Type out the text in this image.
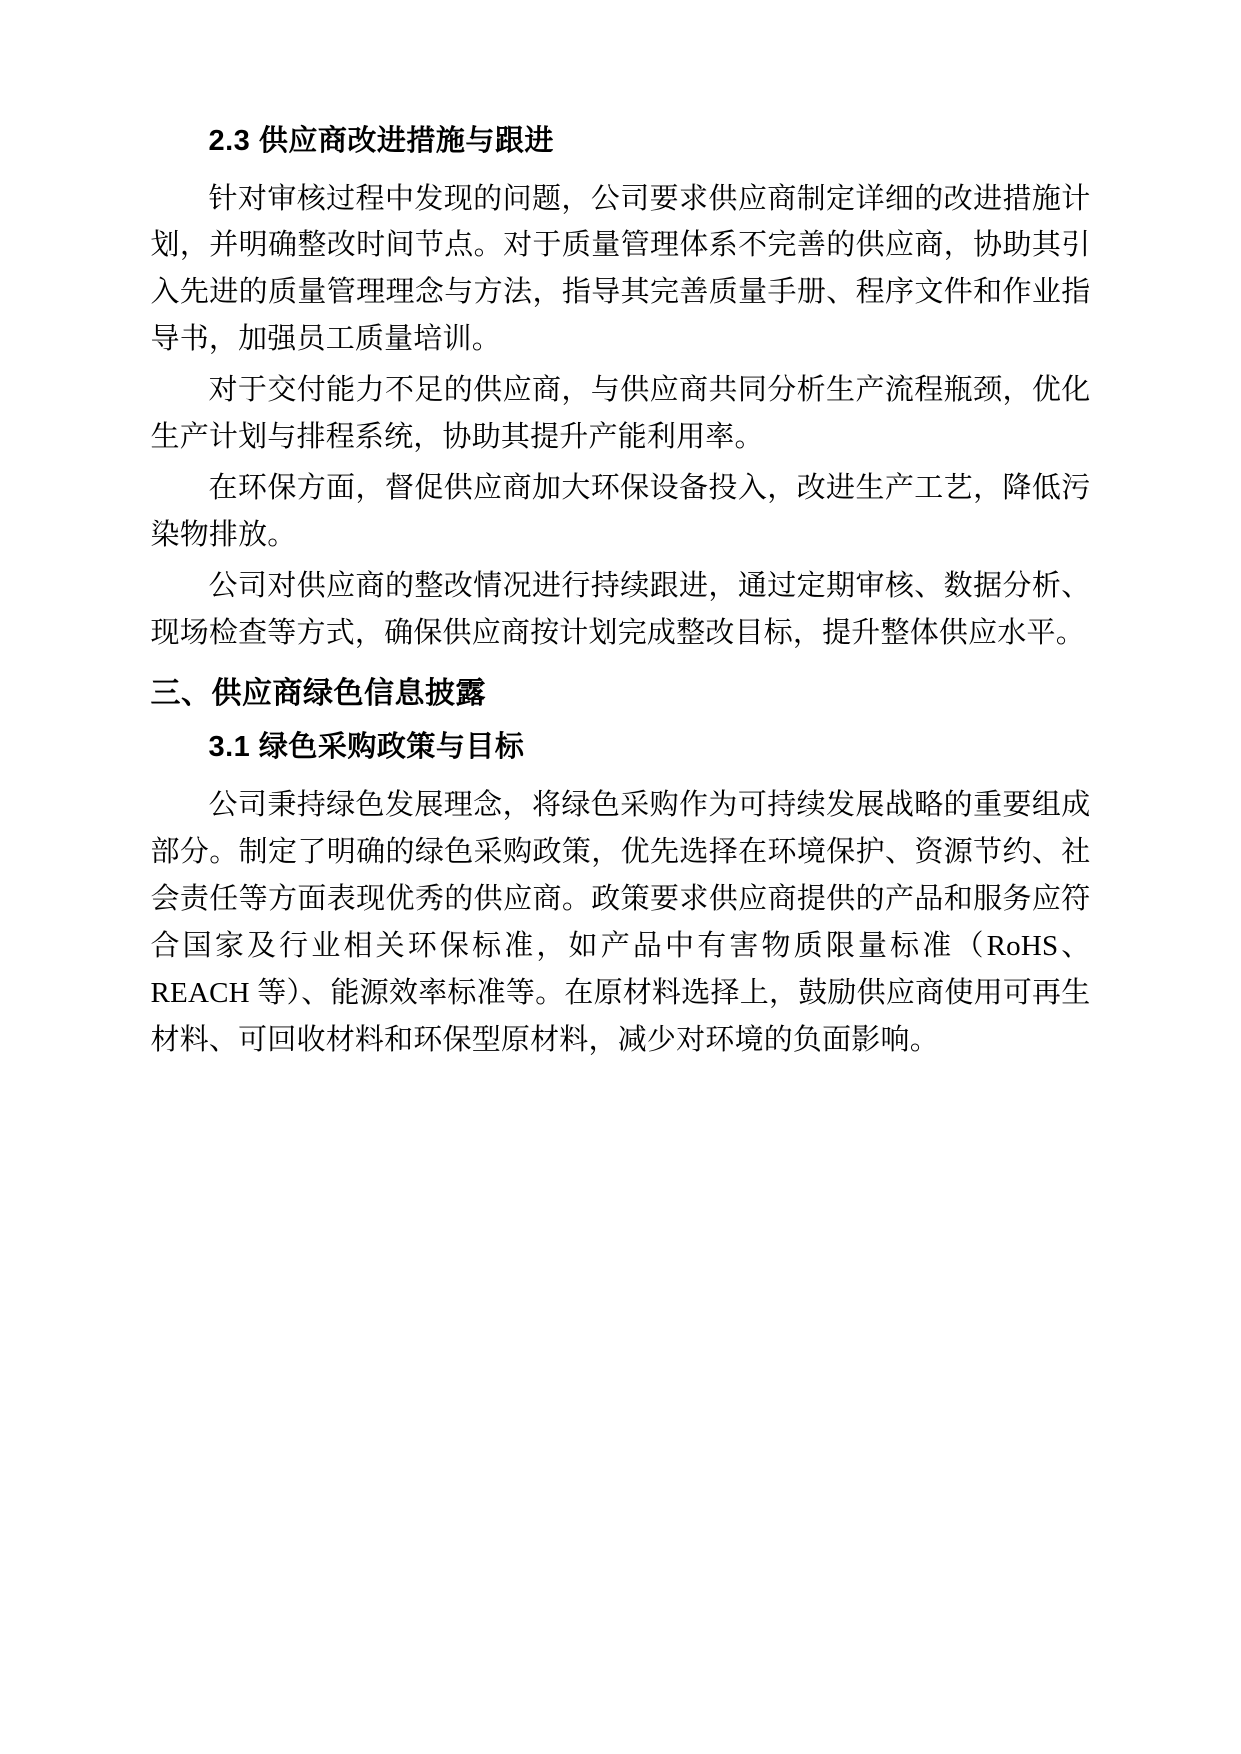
2.3 供应商改进措施与跟进

针对审核过程中发现的问题，公司要求供应商制定详细的改进措施计划，并明确整改时间节点。对于质量管理体系不完善的供应商，协助其引入先进的质量管理理念与方法，指导其完善质量手册、程序文件和作业指导书，加强员工质量培训。

对于交付能力不足的供应商，与供应商共同分析生产流程瓶颈，优化生产计划与排程系统，协助其提升产能利用率。

在环保方面，督促供应商加大环保设备投入，改进生产工艺，降低污染物排放。

公司对供应商的整改情况进行持续跟进，通过定期审核、数据分析、现场检查等方式，确保供应商按计划完成整改目标，提升整体供应水平。

三、供应商绿色信息披露
3.1 绿色采购政策与目标

公司秉持绿色发展理念，将绿色采购作为可持续发展战略的重要组成部分。制定了明确的绿色采购政策，优先选择在环境保护、资源节约、社会责任等方面表现优秀的供应商。政策要求供应商提供的产品和服务应符合国家及行业相关环保标准，如产品中有害物质限量标准（RoHS、REACH 等）、能源效率标准等。在原材料选择上，鼓励供应商使用可再生材料、可回收材料和环保型原材料，减少对环境的负面影响。
